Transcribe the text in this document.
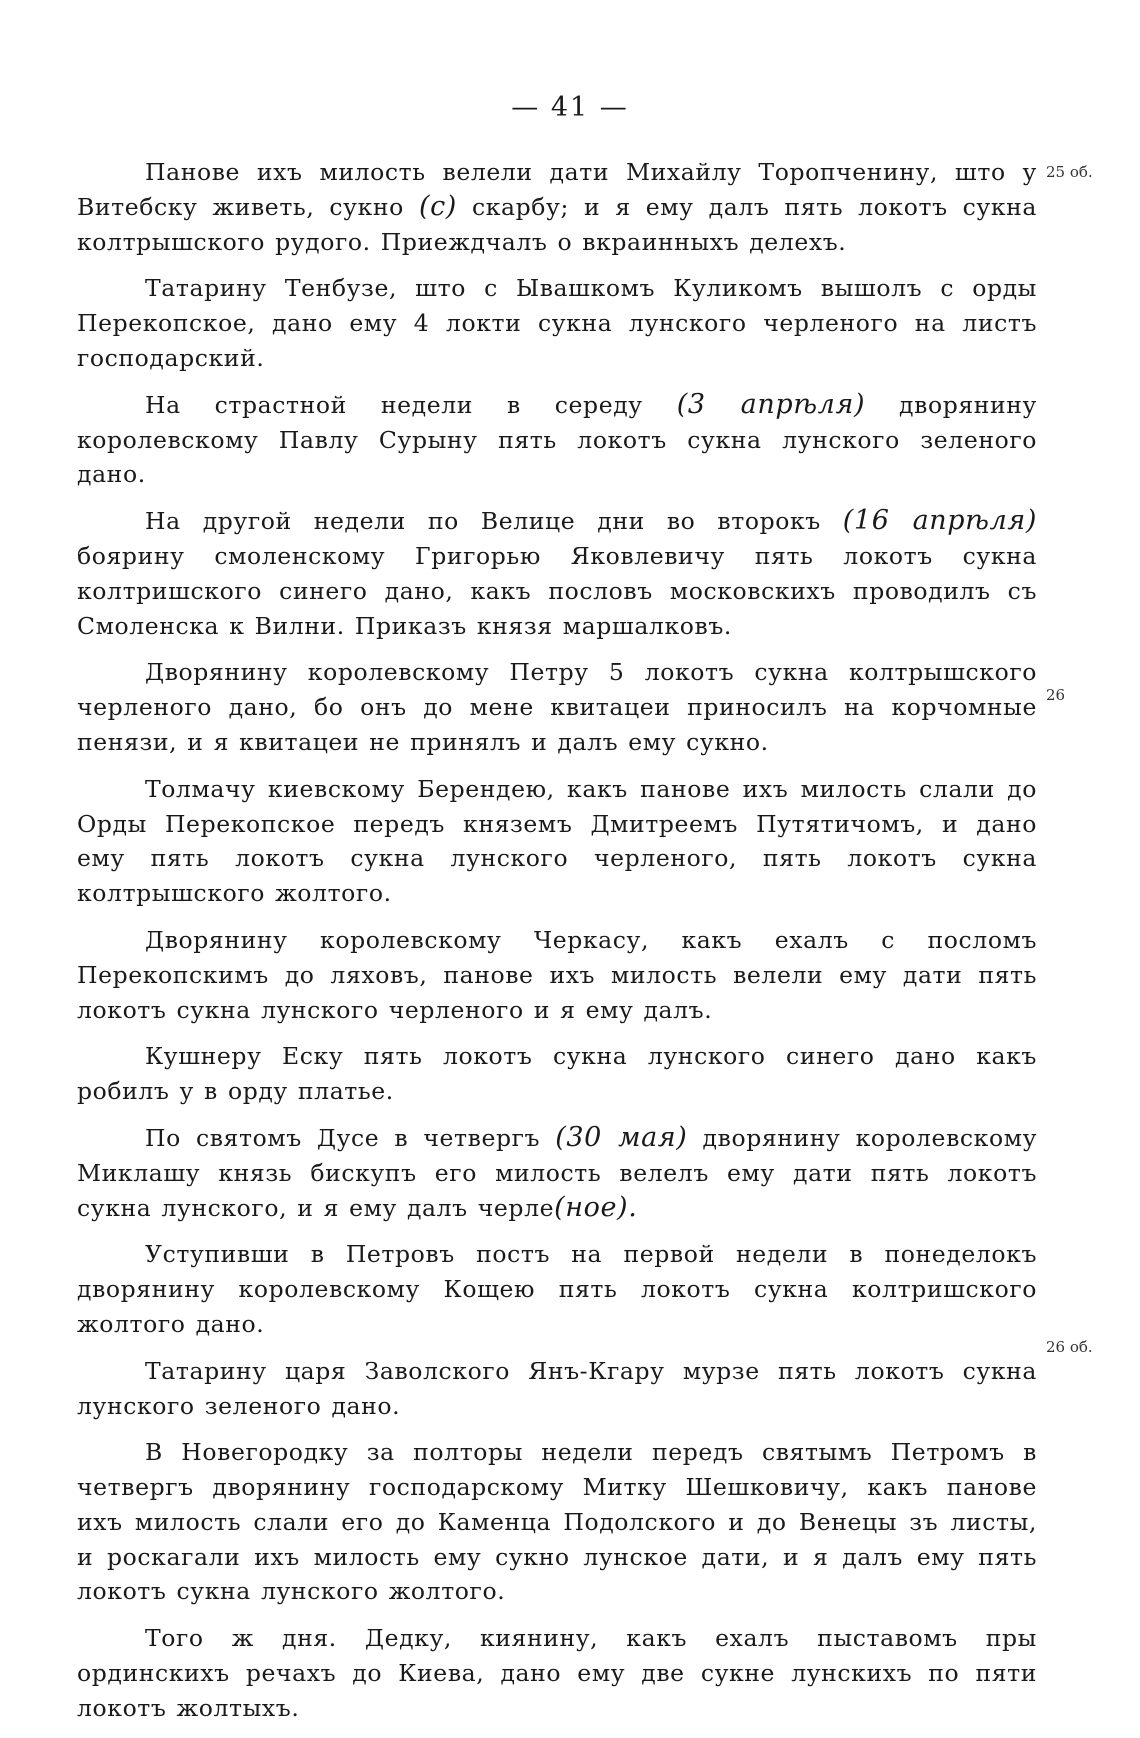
— 41 —

Панове ихъ милость велели дати Михайлу Торопченину, што у Витебску живеть, сукно (с) скарбу; и я ему далъ пять локотъ сукна колтрышского рудого. Приеждчалъ о вкраинныхъ делехъ.

Татарину Тенбузе, што с Ывашкомъ Куликомъ вышолъ с орды Перекопское, дано ему 4 локти сукна лунского черленого на листъ господарский.

На страстной недели в середу (3 апрѣля) дворянину королевскому Павлу Сурыну пять локотъ сукна лунского зеленого дано.

На другой недели по Велице дни во второкъ (16 апрѣля) боярину смоленскому Григорью Яковлевичу пять локотъ сукна колтришского синего дано, какъ пословъ московскихъ проводилъ съ Смоленска к Вилни. Приказъ князя маршалковъ.

Дворянину королевскому Петру 5 локотъ сукна колтрышского черленого дано, бо онъ до мене квитацеи приносилъ на корчомные пенязи, и я квитацеи не принялъ и далъ ему сукно.

Толмачу киевскому Берендею, какъ панове ихъ милость слали до Орды Перекопское передъ княземъ Дмитреемъ Путятичомъ, и дано ему пять локотъ сукна лунского черленого, пять локотъ сукна колтрышского жолтого.

Дворянину королевскому Черкасу, какъ ехалъ с посломъ Перекопскимъ до ляховъ, панове ихъ милость велели ему дати пять локотъ сукна лунского черленого и я ему далъ.

Кушнеру Еску пять локотъ сукна лунского синего дано какъ робилъ у в орду платье.

По святомъ Дусе в четвергъ (30 мая) дворянину королевскому Миклашу князь бискупъ его милость велелъ ему дати пять локотъ сукна лунского, и я ему далъ черле(ное).

Уступивши в Петровъ постъ на первой недели в понеделокъ дворянину королевскому Кощею пять локотъ сукна колтришского жолтого дано.

Татарину царя Заволского Янъ-Кгару мурзе пять локотъ сукна лунского зеленого дано.

В Новегородку за полторы недели передъ святымъ Петромъ в четвергъ дворянину господарскому Митку Шешковичу, какъ панове ихъ милость слали его до Каменца Подолского и до Венецы зъ листы, и роскагали ихъ милость ему сукно лунское дати, и я далъ ему пять локотъ сукна лунского жолтого.

Того ж дня. Дедку, киянину, какъ ехалъ пыставомъ пры ординскихъ речахъ до Киева, дано ему две сукне лунскихъ по пяти локотъ жолтыхъ.

25 об.
26
26 об.
